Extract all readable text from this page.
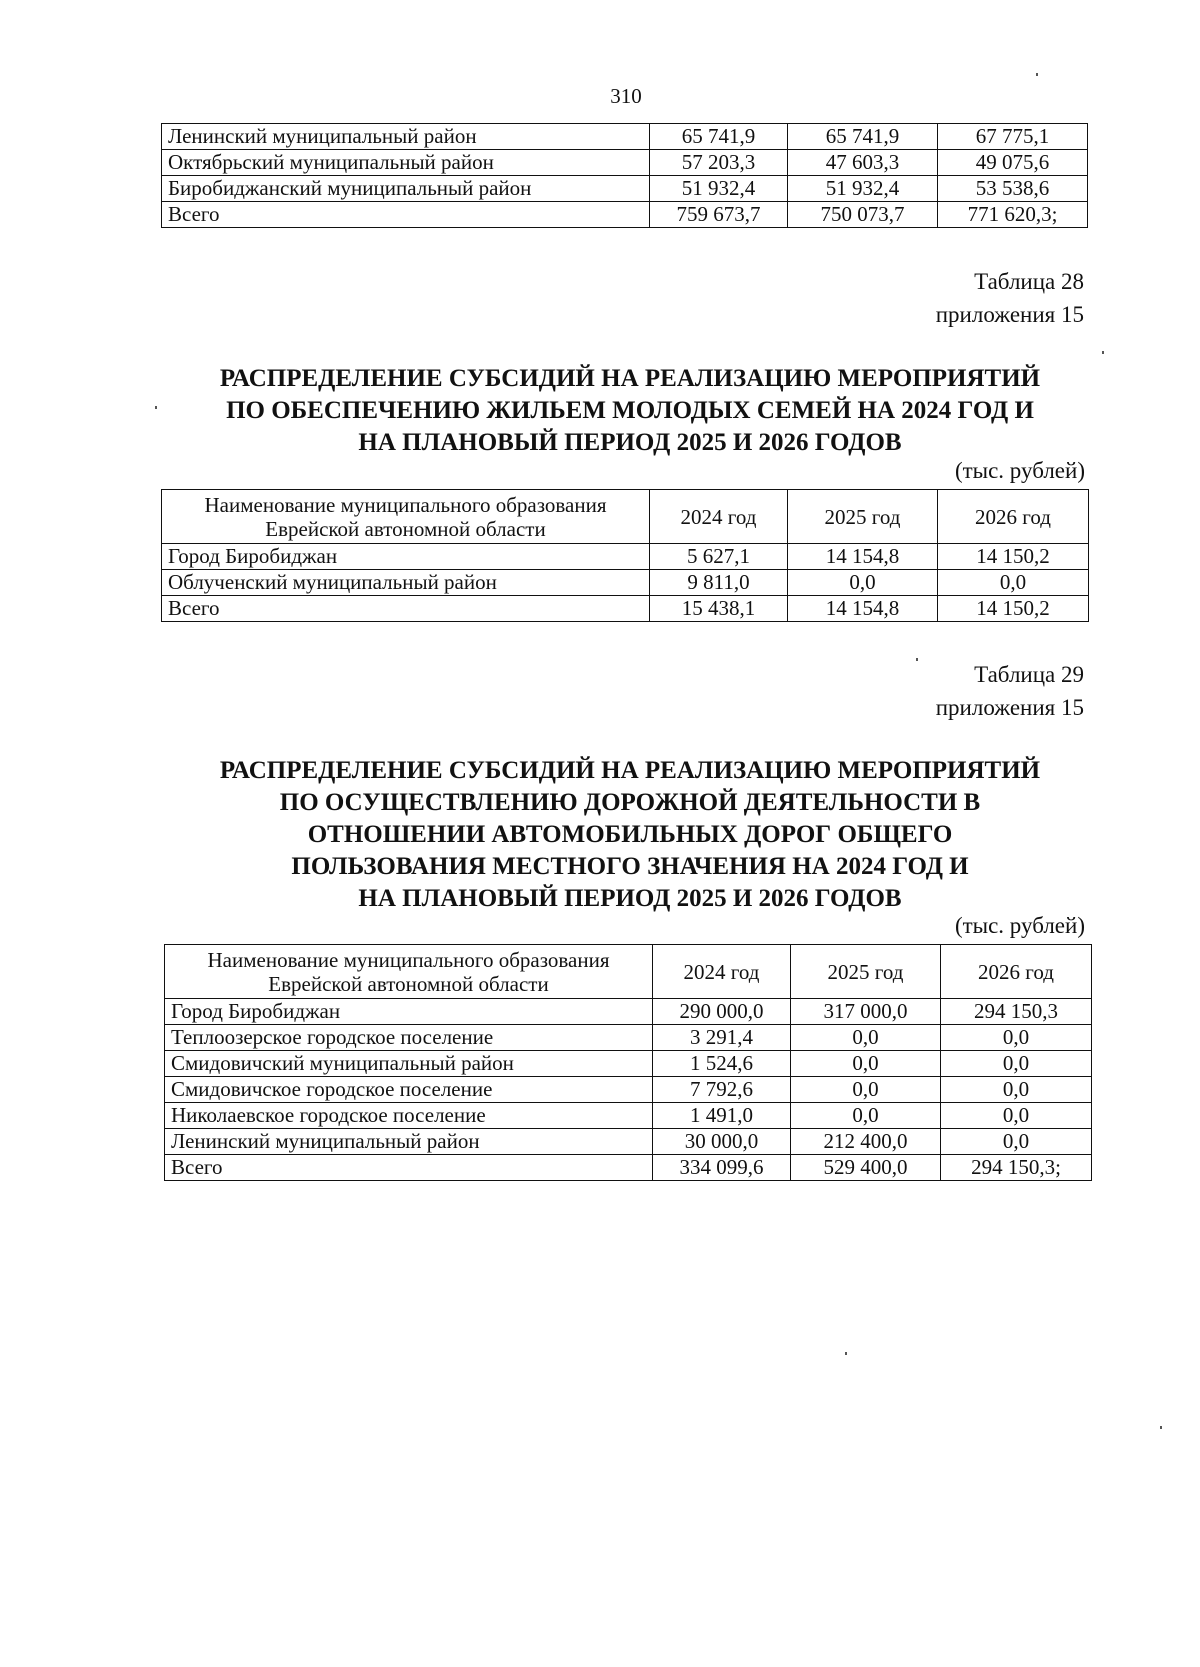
310
Ленинский муниципальный район	65 741,9	65 741,9	67 775,1
Октябрьский муниципальный район	57 203,3	47 603,3	49 075,6
Биробиджанский муниципальный район	51 932,4	51 932,4	53 538,6
Всего	759 673,7	750 073,7	771 620,3;
Таблица 28
приложения 15
РАСПРЕДЕЛЕНИЕ СУБСИДИЙ НА РЕАЛИЗАЦИЮ МЕРОПРИЯТИЙ
ПО ОБЕСПЕЧЕНИЮ ЖИЛЬЕМ МОЛОДЫХ СЕМЕЙ НА 2024 ГОД И
НА ПЛАНОВЫЙ ПЕРИОД 2025 И 2026 ГОДОВ
(тыс. рублей)
Наименование муниципального образования
Еврейской автономной области	2024 год	2025 год	2026 год
Город Биробиджан	5 627,1	14 154,8	14 150,2
Облученский муниципальный район	9 811,0	0,0	0,0
Всего	15 438,1	14 154,8	14 150,2
Таблица 29
приложения 15
РАСПРЕДЕЛЕНИЕ СУБСИДИЙ НА РЕАЛИЗАЦИЮ МЕРОПРИЯТИЙ
ПО ОСУЩЕСТВЛЕНИЮ ДОРОЖНОЙ ДЕЯТЕЛЬНОСТИ В
ОТНОШЕНИИ АВТОМОБИЛЬНЫХ ДОРОГ ОБЩЕГО
ПОЛЬЗОВАНИЯ МЕСТНОГО ЗНАЧЕНИЯ НА 2024 ГОД И
НА ПЛАНОВЫЙ ПЕРИОД 2025 И 2026 ГОДОВ
(тыс. рублей)
Наименование муниципального образования
Еврейской автономной области	2024 год	2025 год	2026 год
Город Биробиджан	290 000,0	317 000,0	294 150,3
Теплоозерское городское поселение	3 291,4	0,0	0,0
Смидовичский муниципальный район	1 524,6	0,0	0,0
Смидовичское городское поселение	7 792,6	0,0	0,0
Николаевское городское поселение	1 491,0	0,0	0,0
Ленинский муниципальный район	30 000,0	212 400,0	0,0
Всего	334 099,6	529 400,0	294 150,3;
